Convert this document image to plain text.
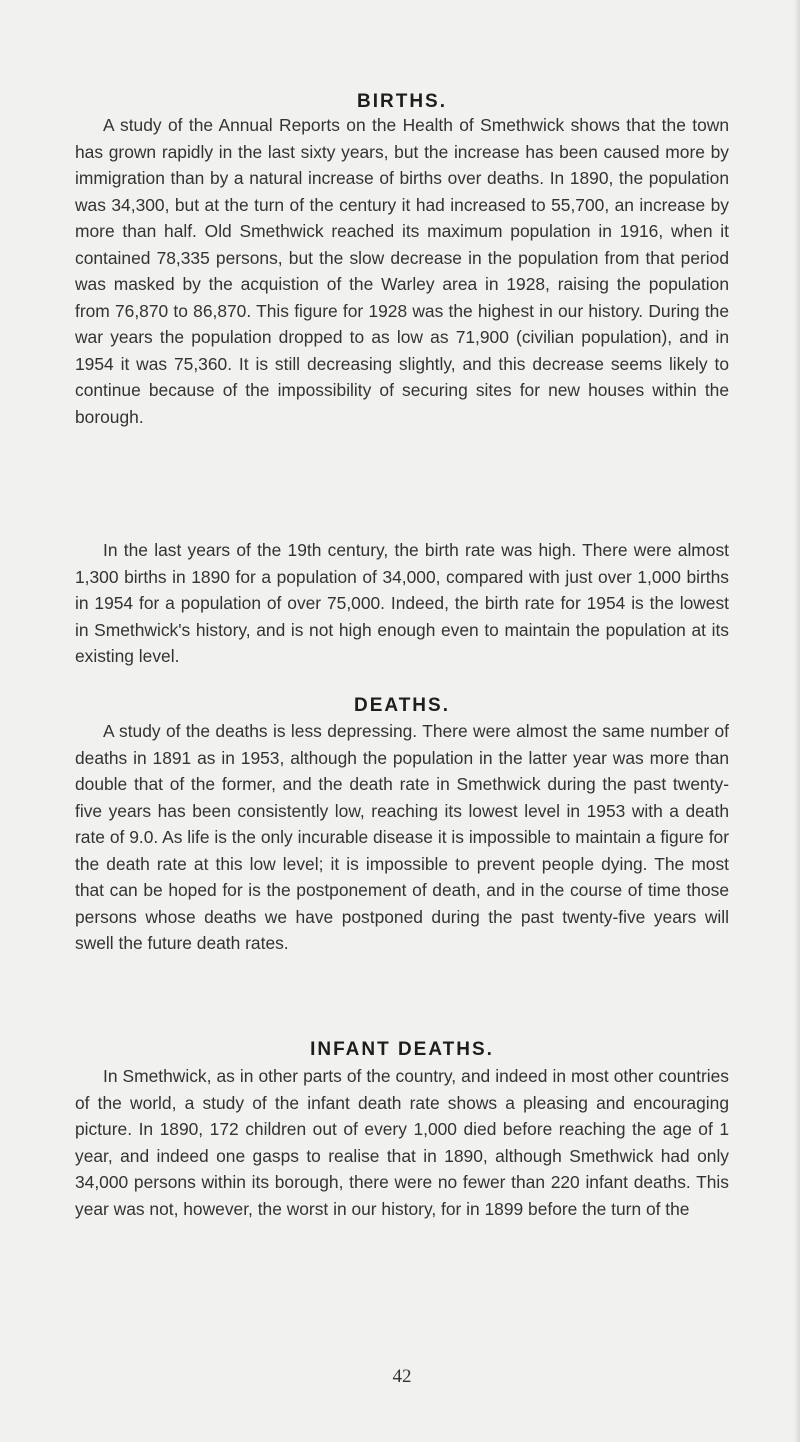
BIRTHS.

A study of the Annual Reports on the Health of Smethwick shows that the town has grown rapidly in the last sixty years, but the increase has been caused more by immigration than by a natural increase of births over deaths. In 1890, the population was 34,300, but at the turn of the century it had increased to 55,700, an increase by more than half. Old Smethwick reached its maximum population in 1916, when it contained 78,335 persons, but the slow decrease in the population from that period was masked by the acquistion of the Warley area in 1928, raising the population from 76,870 to 86,870. This figure for 1928 was the highest in our history. During the war years the population dropped to as low as 71,900 (civilian population), and in 1954 it was 75,360. It is still decreasing slightly, and this decrease seems likely to continue because of the impossibility of securing sites for new houses within the borough.

In the last years of the 19th century, the birth rate was high. There were almost 1,300 births in 1890 for a population of 34,000, compared with just over 1,000 births in 1954 for a population of over 75,000. Indeed, the birth rate for 1954 is the lowest in Smethwick's history, and is not high enough even to maintain the population at its existing level.

DEATHS.

A study of the deaths is less depressing. There were almost the same number of deaths in 1891 as in 1953, although the population in the latter year was more than double that of the former, and the death rate in Smethwick during the past twenty-five years has been consistently low, reaching its lowest level in 1953 with a death rate of 9.0. As life is the only incurable disease it is impossible to maintain a figure for the death rate at this low level; it is impossible to prevent people dying. The most that can be hoped for is the postponement of death, and in the course of time those persons whose deaths we have postponed during the past twenty-five years will swell the future death rates.

INFANT DEATHS.

In Smethwick, as in other parts of the country, and indeed in most other countries of the world, a study of the infant death rate shows a pleasing and encouraging picture. In 1890, 172 children out of every 1,000 died before reaching the age of 1 year, and indeed one gasps to realise that in 1890, although Smethwick had only 34,000 persons within its borough, there were no fewer than 220 infant deaths. This year was not, however, the worst in our history, for in 1899 before the turn of the

42
